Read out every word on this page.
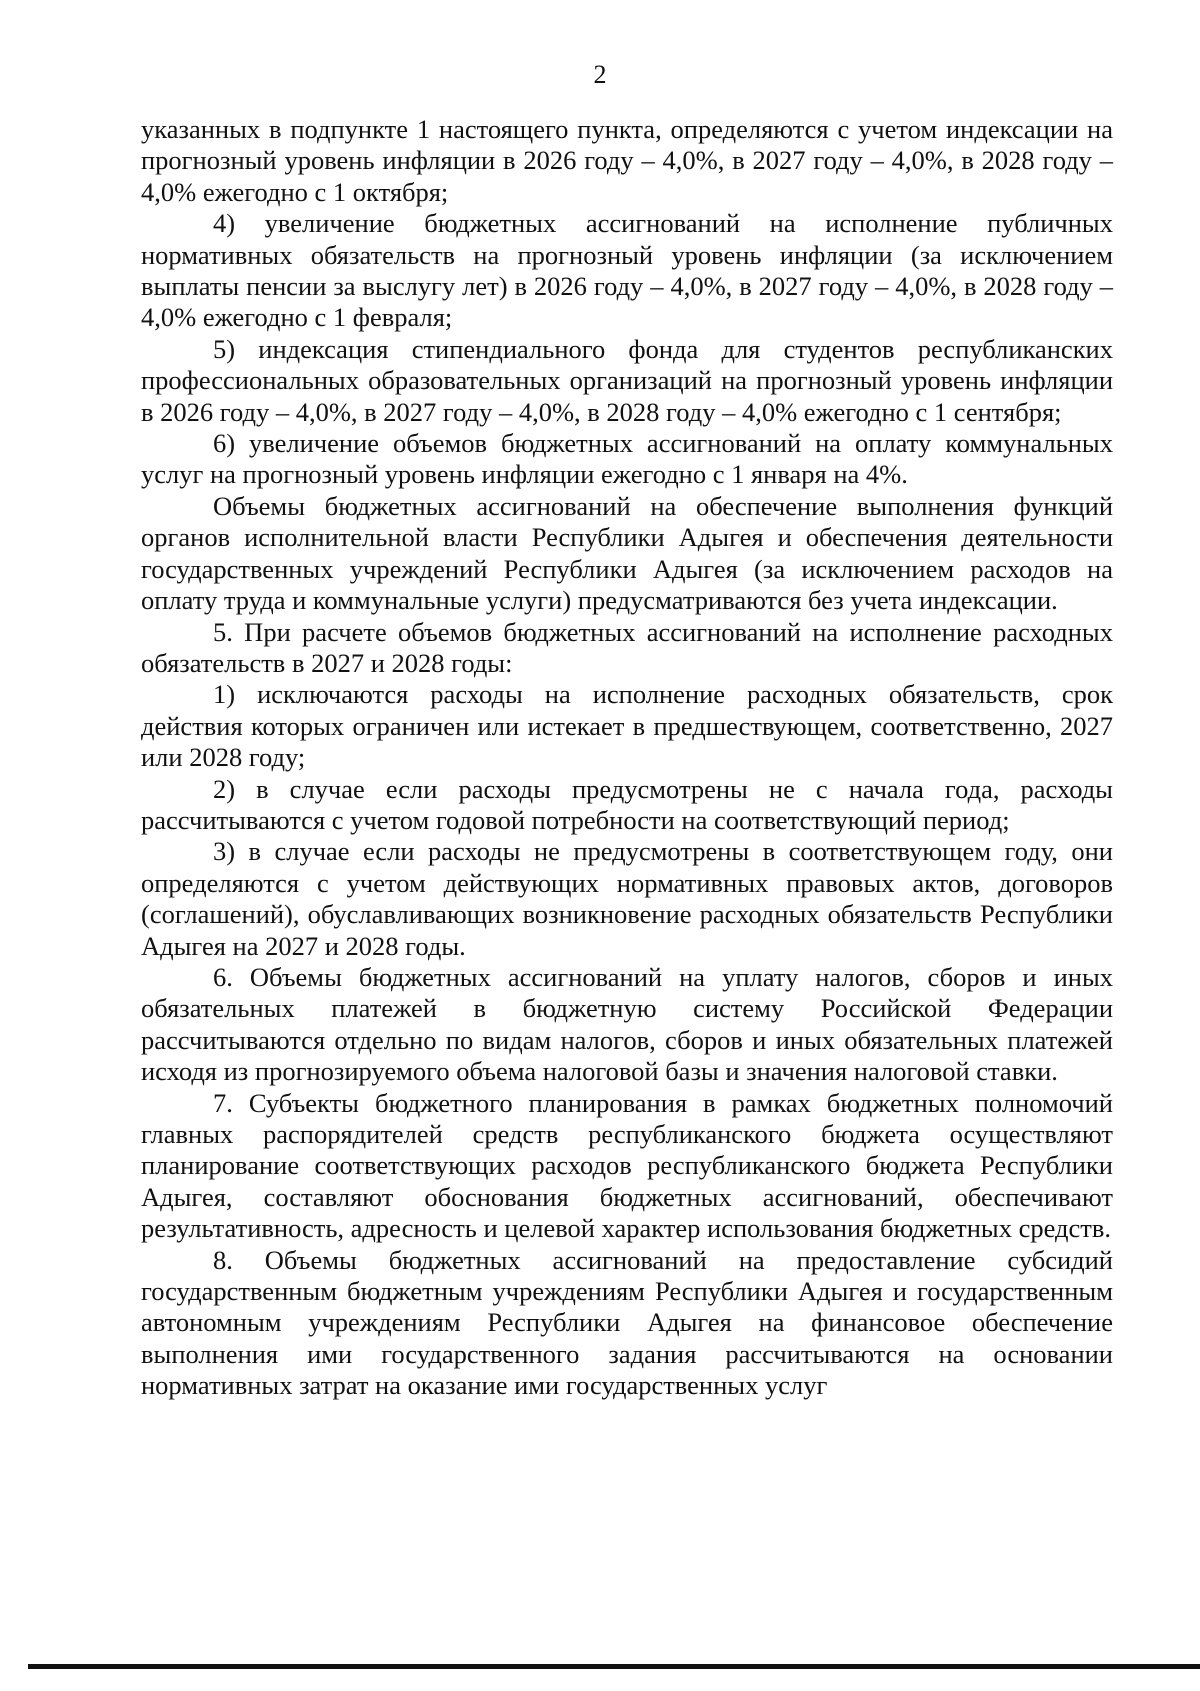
2

указанных в подпункте 1 настоящего пункта, определяются с учетом индексации на прогнозный уровень инфляции в 2026 году – 4,0%, в 2027 году – 4,0%, в 2028 году – 4,0% ежегодно с 1 октября;

4) увеличение бюджетных ассигнований на исполнение публичных нормативных обязательств на прогнозный уровень инфляции (за исключением выплаты пенсии за выслугу лет) в 2026 году – 4,0%, в 2027 году – 4,0%, в 2028 году – 4,0% ежегодно с 1 февраля;

5) индексация стипендиального фонда для студентов республиканских профессиональных образовательных организаций на прогнозный уровень инфляции в 2026 году – 4,0%, в 2027 году – 4,0%, в 2028 году – 4,0% ежегодно с 1 сентября;

6) увеличение объемов бюджетных ассигнований на оплату коммунальных услуг на прогнозный уровень инфляции ежегодно с 1 января на 4%.

Объемы бюджетных ассигнований на обеспечение выполнения функций органов исполнительной власти Республики Адыгея и обеспечения деятельности государственных учреждений Республики Адыгея (за исключением расходов на оплату труда и коммунальные услуги) предусматриваются без учета индексации.

5. При расчете объемов бюджетных ассигнований на исполнение расходных обязательств в 2027 и 2028 годы:

1) исключаются расходы на исполнение расходных обязательств, срок действия которых ограничен или истекает в предшествующем, соответственно, 2027 или 2028 году;

2) в случае если расходы предусмотрены не с начала года, расходы рассчитываются с учетом годовой потребности на соответствующий период;

3) в случае если расходы не предусмотрены в соответствующем году, они определяются с учетом действующих нормативных правовых актов, договоров (соглашений), обуславливающих возникновение расходных обязательств Республики Адыгея на 2027 и 2028 годы.

6. Объемы бюджетных ассигнований на уплату налогов, сборов и иных обязательных платежей в бюджетную систему Российской Федерации рассчитываются отдельно по видам налогов, сборов и иных обязательных платежей исходя из прогнозируемого объема налоговой базы и значения налоговой ставки.

7. Субъекты бюджетного планирования в рамках бюджетных полномочий главных распорядителей средств республиканского бюджета осуществляют планирование соответствующих расходов республиканского бюджета Республики Адыгея, составляют обоснования бюджетных ассигнований, обеспечивают результативность, адресность и целевой характер использования бюджетных средств.

8. Объемы бюджетных ассигнований на предоставление субсидий государственным бюджетным учреждениям Республики Адыгея и государственным автономным учреждениям Республики Адыгея на финансовое обеспечение выполнения ими государственного задания рассчитываются на основании нормативных затрат на оказание ими государственных услуг
